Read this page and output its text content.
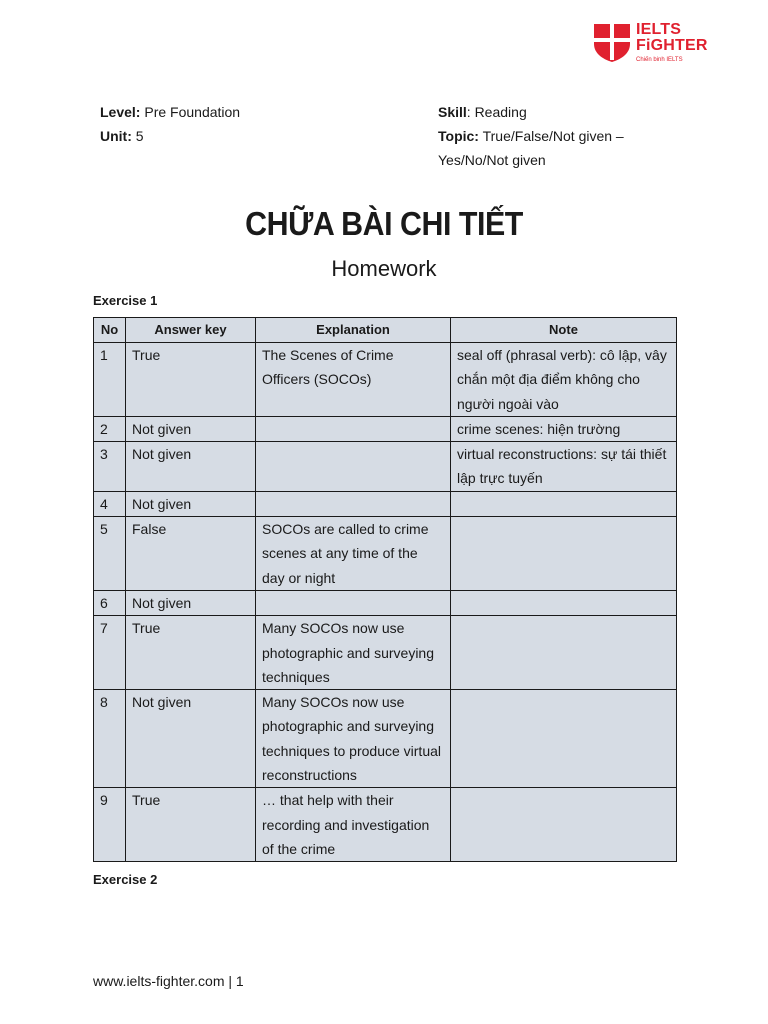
IELTS
FiGHTER
Chiến binh IELTS
Level: Pre Foundation
Unit: 5
Skill: Reading
Topic: True/False/Not given – Yes/No/Not given
CHỮA BÀI CHI TIẾT
Homework
Exercise 1
No	Answer key	Explanation	Note
1	True	The Scenes of Crime Officers (SOCOs)	seal off (phrasal verb): cô lập, vây chắn một địa điểm không cho người ngoài vào
2	Not given		crime scenes: hiện trường
3	Not given		virtual reconstructions: sự tái thiết lập trực tuyến
4	Not given		
5	False	SOCOs are called to crime scenes at any time of the day or night	
6	Not given		
7	True	Many SOCOs now use photographic and surveying techniques	
8	Not given	Many SOCOs now use photographic and surveying techniques to produce virtual reconstructions	
9	True	… that help with their recording and investigation of the crime	
Exercise 2
www.ielts-fighter.com | 1
